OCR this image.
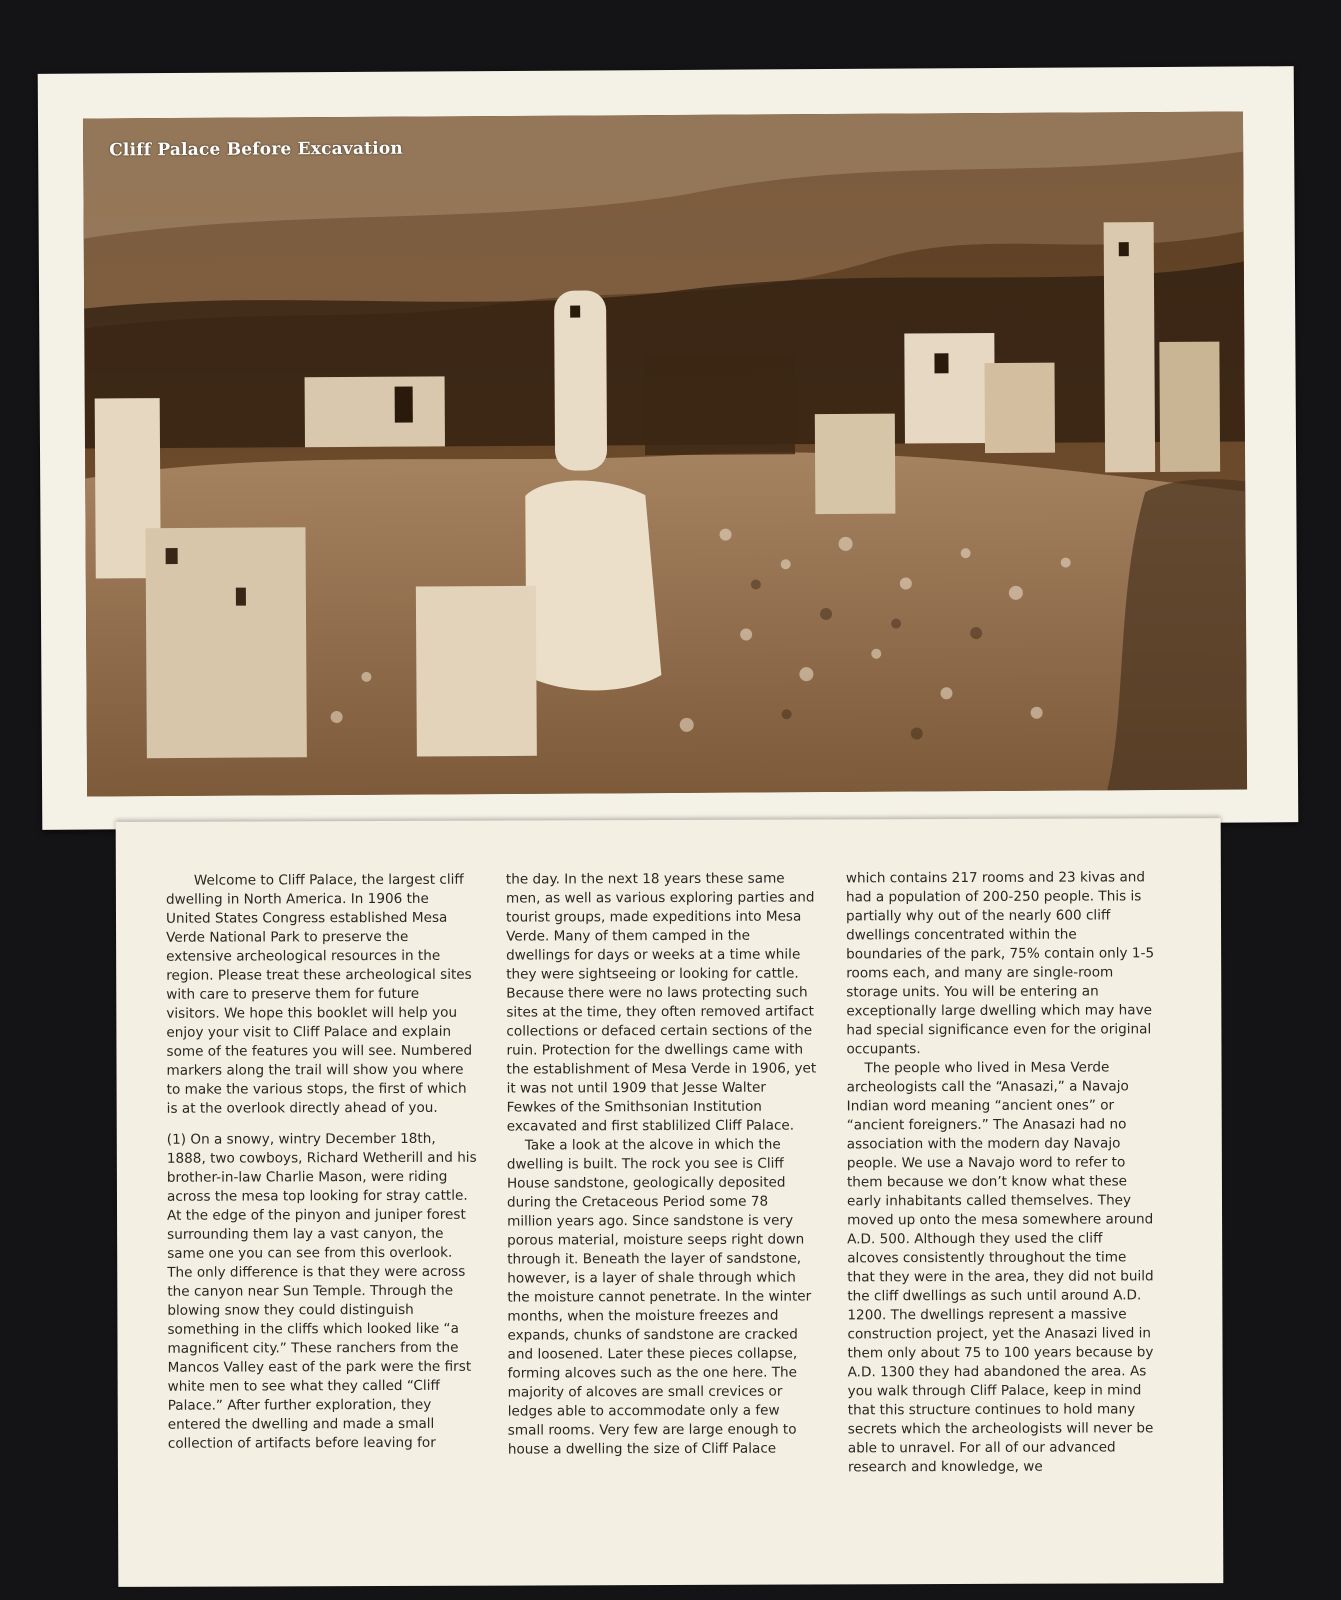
Cliff Palace Before Excavation

Welcome to Cliff Palace, the largest cliff dwelling in North America. In 1906 the United States Congress established Mesa Verde National Park to preserve the extensive archeological resources in the region. Please treat these archeological sites with care to preserve them for future visitors. We hope this booklet will help you enjoy your visit to Cliff Palace and explain some of the features you will see. Numbered markers along the trail will show you where to make the various stops, the first of which is at the overlook directly ahead of you.

(1) On a snowy, wintry December 18th, 1888, two cowboys, Richard Wetherill and his brother-in-law Charlie Mason, were riding across the mesa top looking for stray cattle. At the edge of the pinyon and juniper forest surrounding them lay a vast canyon, the same one you can see from this overlook. The only difference is that they were across the canyon near Sun Temple. Through the blowing snow they could distinguish something in the cliffs which looked like “a magnificent city.” These ranchers from the Mancos Valley east of the park were the first white men to see what they called “Cliff Palace.” After further exploration, they entered the dwelling and made a small collection of artifacts before leaving for

the day. In the next 18 years these same men, as well as various exploring parties and tourist groups, made expeditions into Mesa Verde. Many of them camped in the dwellings for days or weeks at a time while they were sightseeing or looking for cattle. Because there were no laws protecting such sites at the time, they often removed artifact collections or defaced certain sections of the ruin. Protection for the dwellings came with the establishment of Mesa Verde in 1906, yet it was not until 1909 that Jesse Walter Fewkes of the Smithsonian Institution excavated and first stablilized Cliff Palace.

Take a look at the alcove in which the dwelling is built. The rock you see is Cliff House sandstone, geologically deposited during the Cretaceous Period some 78 million years ago. Since sandstone is very porous material, moisture seeps right down through it. Beneath the layer of sandstone, however, is a layer of shale through which the moisture cannot penetrate. In the winter months, when the moisture freezes and expands, chunks of sandstone are cracked and loosened. Later these pieces collapse, forming alcoves such as the one here. The majority of alcoves are small crevices or ledges able to accommodate only a few small rooms. Very few are large enough to house a dwelling the size of Cliff Palace

which contains 217 rooms and 23 kivas and had a population of 200-250 people. This is partially why out of the nearly 600 cliff dwellings concentrated within the boundaries of the park, 75% contain only 1-5 rooms each, and many are single-room storage units. You will be entering an exceptionally large dwelling which may have had special significance even for the original occupants.

The people who lived in Mesa Verde archeologists call the “Anasazi,” a Navajo Indian word meaning “ancient ones” or “ancient foreigners.” The Anasazi had no association with the modern day Navajo people. We use a Navajo word to refer to them because we don’t know what these early inhabitants called themselves. They moved up onto the mesa somewhere around A.D. 500. Although they used the cliff alcoves consistently throughout the time that they were in the area, they did not build the cliff dwellings as such until around A.D. 1200. The dwellings represent a massive construction project, yet the Anasazi lived in them only about 75 to 100 years because by A.D. 1300 they had abandoned the area. As you walk through Cliff Palace, keep in mind that this structure continues to hold many secrets which the archeologists will never be able to unravel. For all of our advanced research and knowledge, we
